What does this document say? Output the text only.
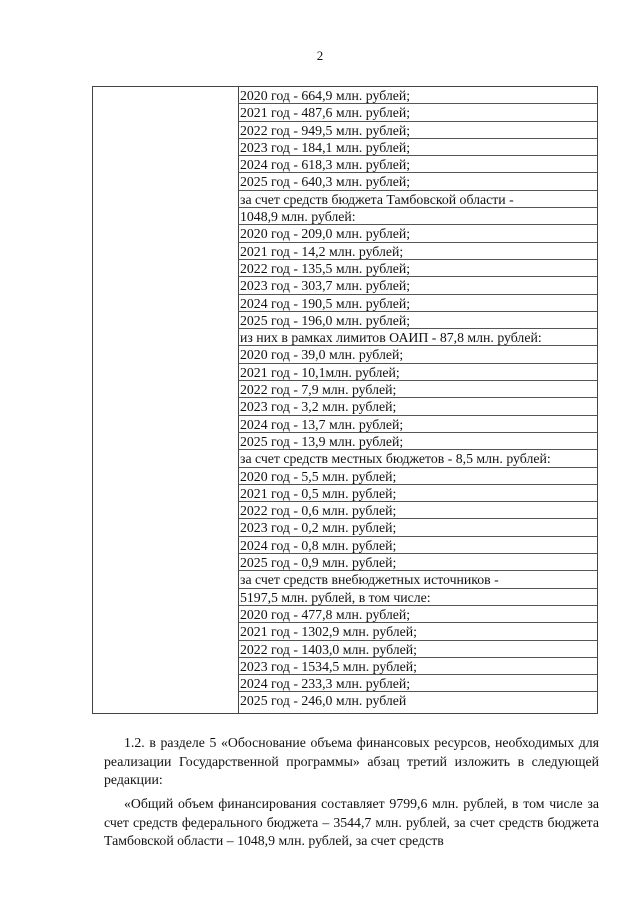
2
2020 год - 664,9 млн. рублей;
2021 год - 487,6 млн. рублей;
2022 год - 949,5 млн. рублей;
2023 год - 184,1 млн. рублей;
2024 год - 618,3 млн. рублей;
2025 год - 640,3 млн. рублей;
за счет средств бюджета Тамбовской области -
1048,9 млн. рублей:
2020 год - 209,0 млн. рублей;
2021 год - 14,2 млн. рублей;
2022 год - 135,5 млн. рублей;
2023 год - 303,7 млн. рублей;
2024 год - 190,5 млн. рублей;
2025 год - 196,0 млн. рублей;
из них в рамках лимитов ОАИП - 87,8 млн. рублей:
2020 год - 39,0 млн. рублей;
2021 год - 10,1млн. рублей;
2022 год - 7,9 млн. рублей;
2023 год - 3,2 млн. рублей;
2024 год - 13,7 млн. рублей;
2025 год - 13,9 млн. рублей;
за счет средств местных бюджетов - 8,5 млн. рублей:
2020 год - 5,5 млн. рублей;
2021 год - 0,5 млн. рублей;
2022 год - 0,6 млн. рублей;
2023 год - 0,2 млн. рублей;
2024 год - 0,8 млн. рублей;
2025 год - 0,9 млн. рублей;
за счет средств внебюджетных источников -
5197,5 млн. рублей, в том числе:
2020 год - 477,8 млн. рублей;
2021 год - 1302,9 млн. рублей;
2022 год - 1403,0 млн. рублей;
2023 год - 1534,5 млн. рублей;
2024 год - 233,3 млн. рублей;
2025 год - 246,0 млн. рублей

1.2. в разделе 5 «Обоснование объема финансовых ресурсов, необходимых для реализации Государственной программы» абзац третий изложить в следующей редакции:

«Общий объем финансирования составляет 9799,6 млн. рублей, в том числе за счет средств федерального бюджета – 3544,7 млн. рублей, за счет средств бюджета Тамбовской области – 1048,9 млн. рублей, за счет средств
